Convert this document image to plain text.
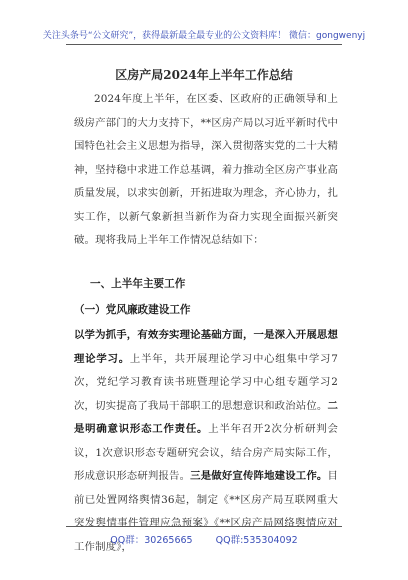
关注头条号“公文研究”，获得最新最全最专业的公文资料库！ 微信：gongwenyj
区房产局2024年上半年工作总结
2024年度上半年，在区委、区政府的正确领导和上级房产部门的大力支持下，**区房产局以习近平新时代中国特色社会主义思想为指导，深入贯彻落实党的二十大精神，坚持稳中求进工作总基调，着力推动全区房产事业高质量发展，以求实创新，开拓进取为理念，齐心协力，扎实工作，以新气象新担当新作为奋力实现全面振兴新突破。现将我局上半年工作情况总结如下：
一、上半年主要工作
（一）党风廉政建设工作
以学为抓手，有效夯实理论基础方面，一是深入开展思想理论学习。上半年，共开展理论学习中心组集中学习7次，党纪学习教育读书班暨理论学习中心组专题学习2次，切实提高了我局干部职工的思想意识和政治站位。二是明确意识形态工作责任。上半年召开2次分析研判会议，1次意识形态专题研究会议，结合房产局实际工作，形成意识形态研判报告。三是做好宣传阵地建设工作。目前已处置网络舆情36起，制定《**区房产局互联网重大突发舆情事件管理应急预案》《**区房产局网络舆情应对工作制度》，
QQ群：30265665 QQ群:535304092
